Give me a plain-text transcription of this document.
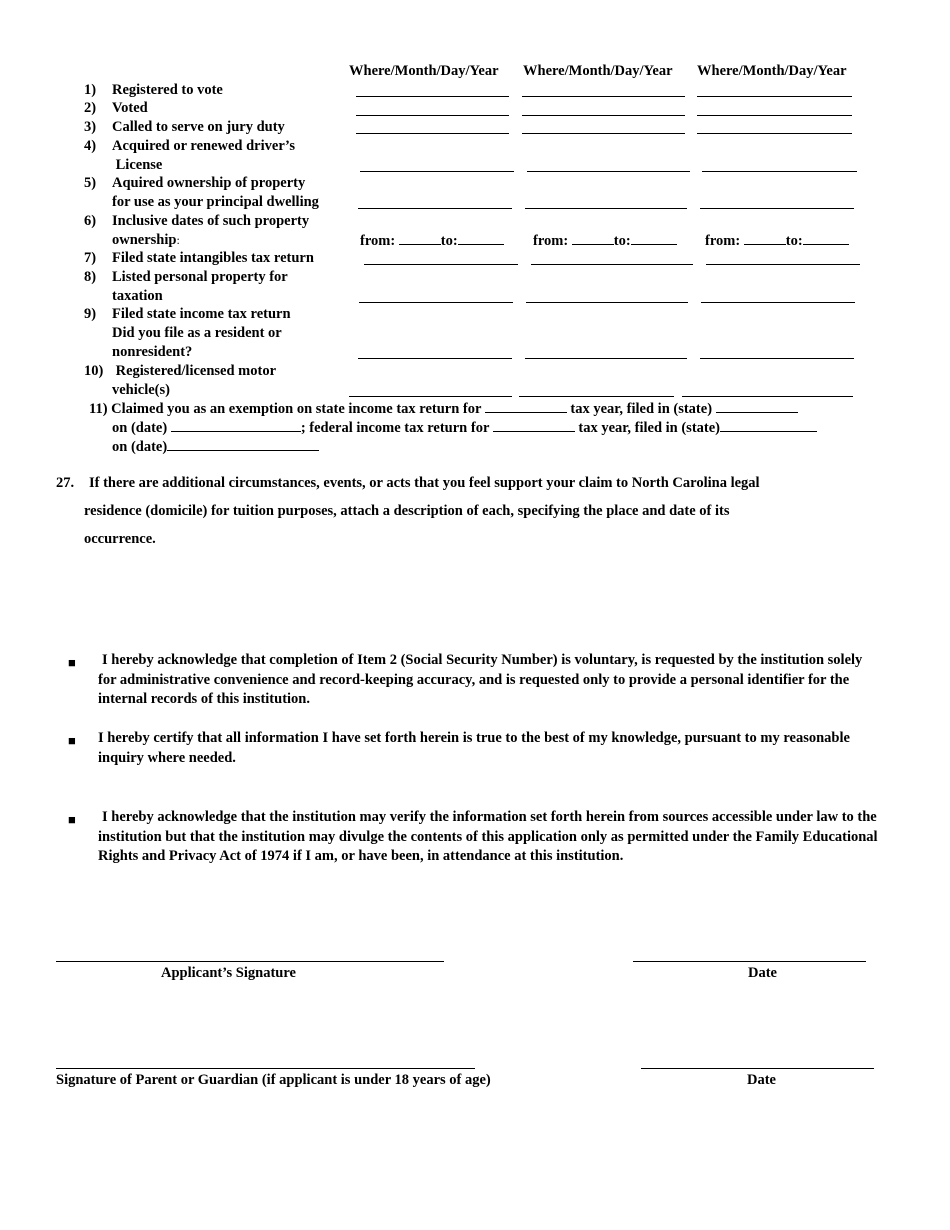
Where/Month/Day/Year Where/Month/Day/Year Where/Month/Day/Year
1) Registered to vote
2) Voted
3) Called to serve on jury duty
4) Acquired or renewed driver’s
License
5) Aquired ownership of property
for use as your principal dwelling
6) Inclusive dates of such property
ownership:	from:	to:	from:	to:	from:	to:
7) Filed state intangibles tax return
8) Listed personal property for
taxation
9) Filed state income tax return
Did you file as a resident or
nonresident?
10) Registered/licensed motor
vehicle(s)
11) Claimed you as an exemption on state income tax return for	tax year, filed in (state)
on (date)	; federal income tax return for	tax year, filed in (state)
on (date)
27. If there are additional circumstances, events, or acts that you feel support your claim to North Carolina legal
residence (domicile) for tuition purposes, attach a description of each, specifying the place and date of its
occurrence.
■ I hereby acknowledge that completion of Item 2 (Social Security Number) is voluntary, is requested by the institution solely for administrative convenience and record-keeping accuracy, and is requested only to provide a personal identifier for the internal records of this institution.
■ I hereby certify that all information I have set forth herein is true to the best of my knowledge, pursuant to my reasonable inquiry where needed.
■ I hereby acknowledge that the institution may verify the information set forth herein from sources accessible under law to the institution but that the institution may divulge the contents of this application only as permitted under the Family Educational Rights and Privacy Act of 1974 if I am, or have been, in attendance at this institution.
Applicant’s Signature	Date
Signature of Parent or Guardian (if applicant is under 18 years of age)	Date
